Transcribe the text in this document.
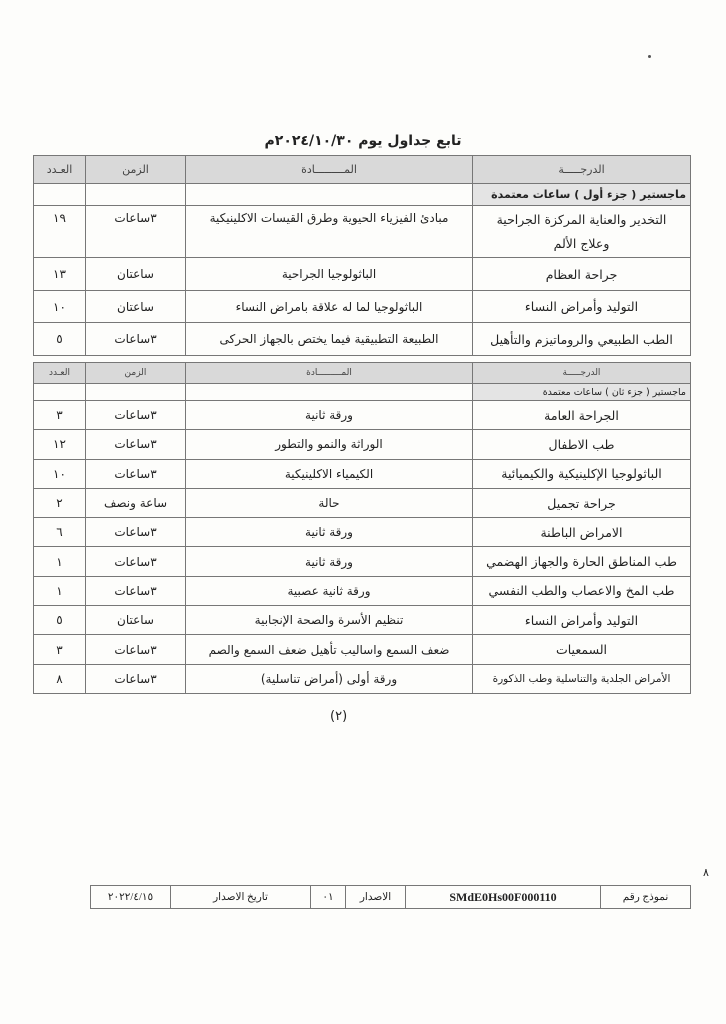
تابع جداول يوم ٢٠٢٤/١٠/٣٠م
الدرجـــــة	المـــــــــادة	الزمن	العـدد
ماجستير ( جزء أول ) ساعات معتمدة			

التخدير والعناية المركزة الجراحية
وعلاج الألم	مبادئ الفيزياء الحيوية وطرق القيسات الاكلينيكية	٣ساعات	١٩
جراحة العظام	الباثولوجيا الجراحية	ساعتان	١٣
التوليد وأمراض النساء	الباثولوجيا لما له علاقة بامراض النساء	ساعتان	١٠
الطب الطبيعي والروماتيزم والتأهيل	الطبيعة التطبيقية فيما يختص بالجهاز الحركى	٣ساعات	٥
الدرجـــــة	المـــــــــادة	الزمن	العـدد
ماجستير ( جزء ثان ) ساعات معتمدة			
الجراحة العامة	ورقة ثانية	٣ساعات	٣
طب الاطفال	الوراثة والنمو والتطور	٣ساعات	١٢
الباثولوجيا الإكلينيكية والكيميائية	الكيمياء الاكلينيكية	٣ساعات	١٠
جراحة تجميل	حالة	ساعة ونصف	٢
الامراض الباطنة	ورقة ثانية	٣ساعات	٦
طب المناطق الحارة والجهاز الهضمي	ورقة ثانية	٣ساعات	١
طب المخ والاعصاب والطب النفسي	ورقة ثانية عصبية	٣ساعات	١
التوليد وأمراض النساء	تنظيم الأسرة والصحة الإنجابية	ساعتان	٥
السمعيات	ضعف السمع واساليب تأهيل ضعف السمع والصم	٣ساعات	٣
الأمراض الجلدية والتناسلية وطب الذكورة	ورقة أولى (أمراض تناسلية)	٣ساعات	٨
(٢)
٨
نموذج رقم	SMdE0Hs00F000110	الاصدار	٠١	تاريخ الاصدار	٢٠٢٢/٤/١٥
